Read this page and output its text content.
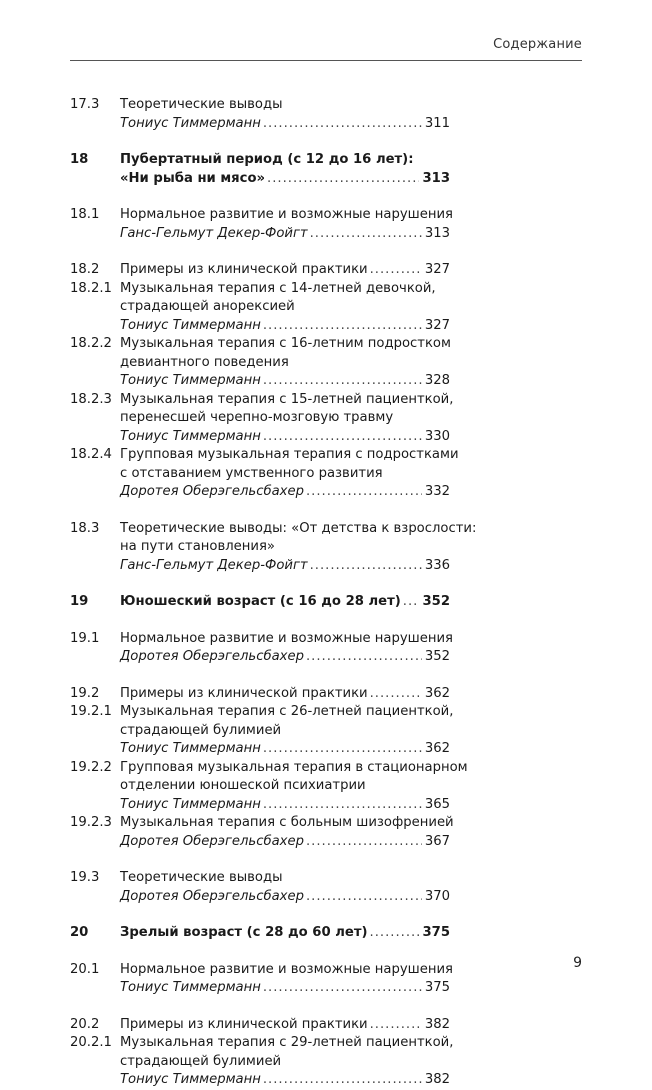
Содержание
17.3	Теоретические выводы
Тониус Тиммерманн . . .	311
18	Пубертатный период (с 12 до 16 лет):
«Ни рыба ни мясо» . . .	313
18.1	Нормальное развитие и возможные нарушения
Ганс-Гельмут Декер-Фойгт . . .	313
18.2	Примеры из клинической практики . . .	327
18.2.1 Музыкальная терапия с 14-летней девочкой,
страдающей анорексией
Тониус Тиммерманн . . .	327
18.2.2 Музыкальная терапия с 16-летним подростком
девиантного поведения
Тониус Тиммерманн . . .	328
18.2.3 Музыкальная терапия с 15-летней пациенткой,
перенесшей черепно-мозговую травму
Тониус Тиммерманн . . .	330
18.2.4 Групповая музыкальная терапия с подростками
с отставанием умственного развития
Доротея Оберэгельсбахер . . .	332
18.3	Теоретические выводы: «От детства к взрослости:
на пути становления»
Ганс-Гельмут Декер-Фойгт . . .	336
19	Юношеский возраст (с 16 до 28 лет) . . . 352
19.1	Нормальное развитие и возможные нарушения
Доротея Оберэгельсбахер . . .	352
19.2	Примеры из клинической практики . . .	362
19.2.1 Музыкальная терапия с 26-летней пациенткой,
страдающей булимией
Тониус Тиммерманн . . .	362
19.2.2 Групповая музыкальная терапия в стационарном
отделении юношеской психиатрии
Тониус Тиммерманн . . .	365
19.2.3 Музыкальная терапия с больным шизофренией
Доротея Оберэгельсбахер . . .	367
19.3	Теоретические выводы
Доротея Оберэгельсбахер . . .	370
20	Зрелый возраст (с 28 до 60 лет) . . .	375
20.1	Нормальное развитие и возможные нарушения
Тониус Тиммерманн . . .	375
20.2	Примеры из клинической практики . . .	382
20.2.1 Музыкальная терапия с 29-летней пациенткой,
страдающей булимией
Тониус Тиммерманн . . .	382
9
